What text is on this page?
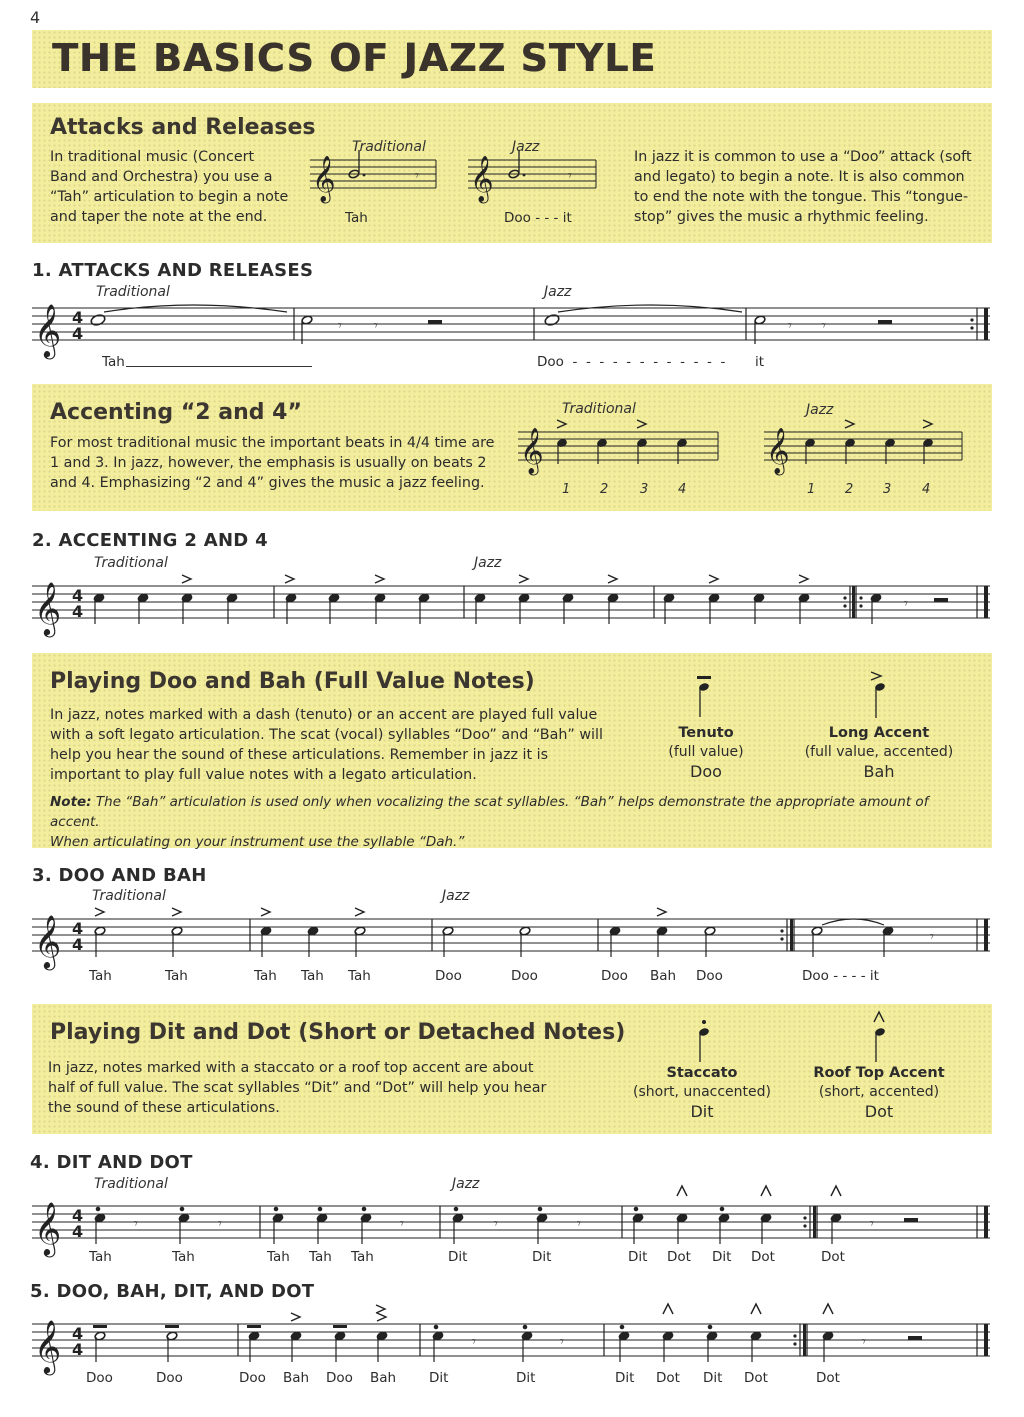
4
THE BASICS OF JAZZ STYLE
Attacks and Releases
In traditional music (Concert
Band and Orchestra) you use a
“Tah” articulation to begin a note
and taper the note at the end.
In jazz it is common to use a “Doo” attack (soft
and legato) to begin a note. It is also common
to end the note with the tongue. This “tongue-
stop” gives the music a rhythmic feeling.
Traditional	Jazz
𝄞	𝄾
Tah
𝄞	𝄾
Doo - - - it
1. ATTACKS AND RELEASES
Traditional	Jazz
𝄞 4
4	𝄾 𝄾	𝄾 𝄾
Tah	Doo  -  -  -  -  -  -  -  -  -  -  -  - it
Accenting “2 and 4”
For most traditional music the important beats in 4/4 time are
1 and 3. In jazz, however, the emphasis is usually on beats 2
and 4. Emphasizing “2 and 4” gives the music a jazz feeling.
Traditional	Jazz
𝄞
1 2 3 4
𝄞
1 2 3 4
2. ACCENTING 2 AND 4
Traditional	Jazz
𝄞 4
4	𝄾
Playing Doo and Bah (Full Value Notes)
In jazz, notes marked with a dash (tenuto) or an accent are played full value
with a soft legato articulation. The scat (vocal) syllables “Doo” and “Bah” will
help you hear the sound of these articulations. Remember in jazz it is
important to play full value notes with a legato articulation.
Note: The “Bah” articulation is used only when vocalizing the scat syllables. “Bah” helps demonstrate the appropriate amount of accent.
When articulating on your instrument use the syllable “Dah.”
Tenuto
(full value)
Doo
Long Accent
(full value, accented)
Bah
3. DOO AND BAH
Traditional	Jazz
𝄞 4
4	𝄾
Tah	Tah	Tah Tah Tah	Doo	Doo	Doo Bah Doo	Doo - - - - it
Playing Dit and Dot (Short or Detached Notes)
In jazz, notes marked with a staccato or a roof top accent are about
half of full value. The scat syllables “Dit” and “Dot” will help you hear
the sound of these articulations.
Staccato
(short, unaccented)
Dit
Roof Top Accent
(short, accented)
Dot
4. DIT AND DOT
Traditional	Jazz
𝄞 4
4	𝄾	𝄾	𝄾	𝄾	𝄾	𝄾
Tah	Tah	Tah Tah Tah	Dit	Dit	Dit Dot Dit Dot	Dot
5. DOO, BAH, DIT, AND DOT
𝄞 4
4	𝄾	𝄾	𝄾
Doo	Doo	Doo Bah Doo Bah Dit	Dit	Dit Dot Dit Dot	Dot
